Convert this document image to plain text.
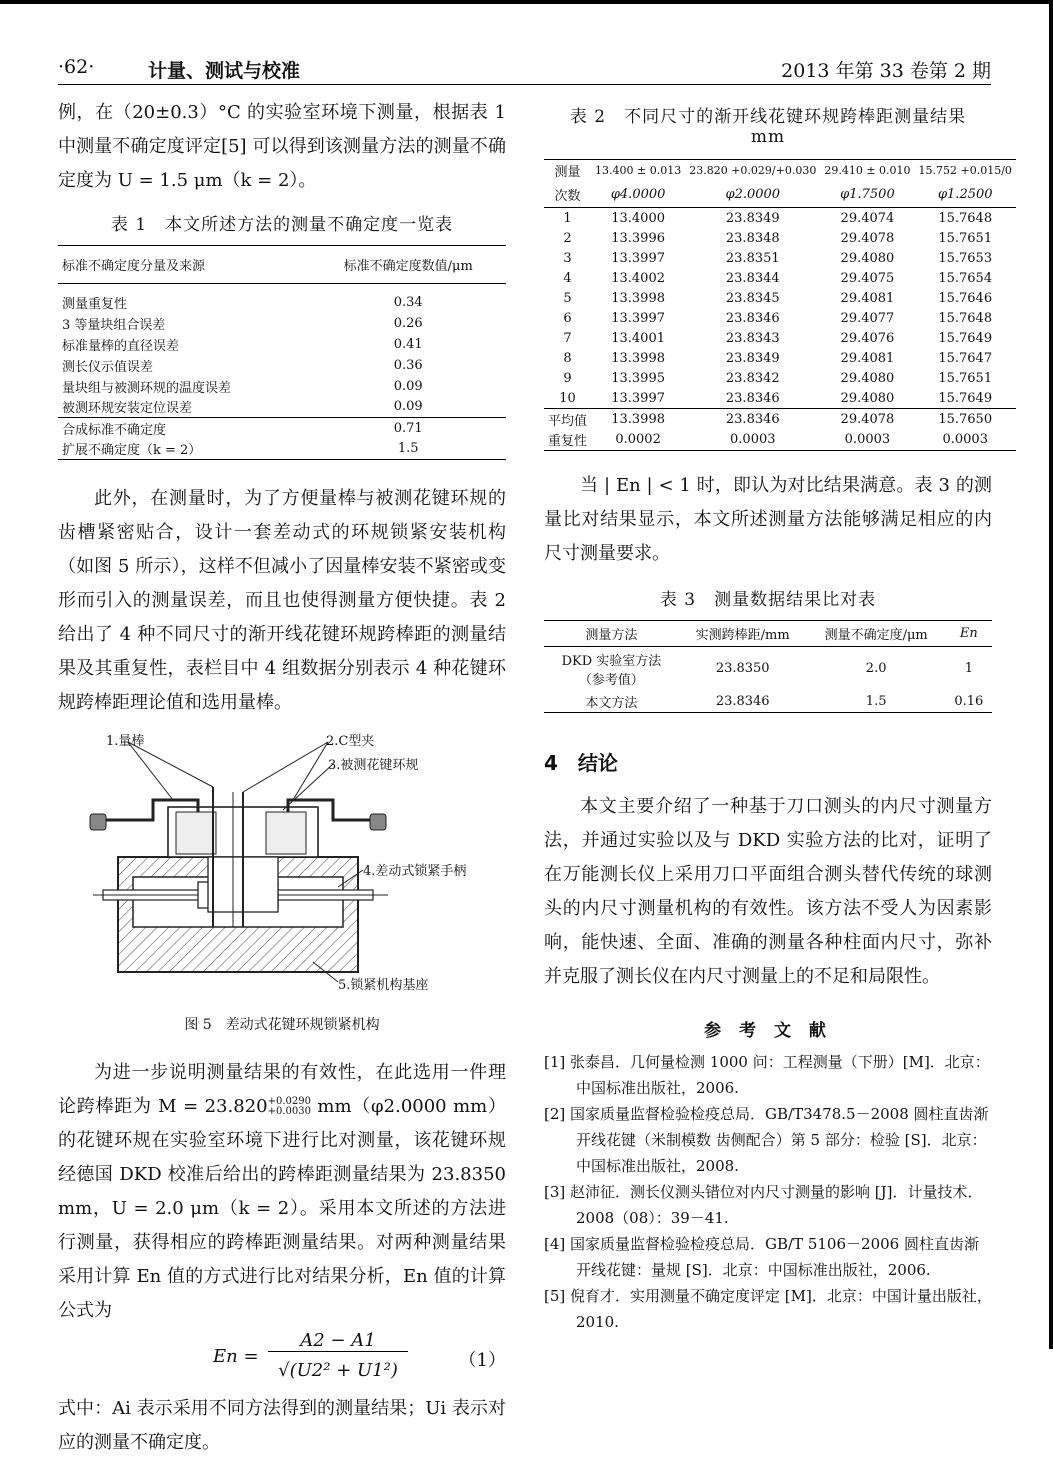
·62·	计量、测试与校准	2013 年第 33 卷第 2 期

例，在（20±0.3）°C 的实验室环境下测量，根据表 1 中测量不确定度评定[5] 可以得到该测量方法的测量不确定度为 U = 1.5 μm（k = 2）。

表 1　本文所述方法的测量不确定度一览表

标准不确定度分量及来源	标准不确定度数值/μm

测量重复性	0.34
3 等量块组合误差	0.26
标准量棒的直径误差	0.41
测长仪示值误差	0.36
量块组与被测环规的温度误差	0.09
被测环规安装定位误差	0.09
合成标准不确定度	0.71
扩展不确定度（k = 2）	1.5

此外，在测量时，为了方便量棒与被测花键环规的齿槽紧密贴合，设计一套差动式的环规锁紧安装机构（如图 5 所示），这样不但减小了因量棒安装不紧密或变形而引入的测量误差，而且也使得测量方便快捷。表 2 给出了 4 种不同尺寸的渐开线花键环规跨棒距的测量结果及其重复性，表栏目中 4 组数据分别表示 4 种花键环规跨棒距理论值和选用量棒。

1.量棒	2.C型夹
3.被测花键环规
4.差动式锁紧手柄
5.锁紧机构基座

图 5　差动式花键环规锁紧机构

为进一步说明测量结果的有效性，在此选用一件理论跨棒距为 M = 23.820 +0.0290
+0.0030 mm（φ2.0000 mm）的花键环规在实验室环境下进行比对测量，该花键环规经德国 DKD 校准后给出的跨棒距测量结果为 23.8350 mm，U = 2.0 μm（k = 2）。采用本文所述的方法进行测量，获得相应的跨棒距测量结果。对两种测量结果采用计算 En 值的方式进行比对结果分析，En 值的计算公式为

En =
A2 − A1
√(U2² + U1²)	（1）

式中：Ai 表示采用不同方法得到的测量结果；Ui 表示对应的测量不确定度。

表 2　不同尺寸的渐开线花键环规跨棒距测量结果　mm

测量	13.400 ± 0.013	23.820 +0.029/+0.030	29.410 ± 0.010	15.752 +0.015/0
次数	φ4.0000	φ2.0000	φ1.7500	φ1.2500
1	13.4000	23.8349	29.4074	15.7648
2	13.3996	23.8348	29.4078	15.7651
3	13.3997	23.8351	29.4080	15.7653
4	13.4002	23.8344	29.4075	15.7654
5	13.3998	23.8345	29.4081	15.7646
6	13.3997	23.8346	29.4077	15.7648
7	13.4001	23.8343	29.4076	15.7649
8	13.3998	23.8349	29.4081	15.7647
9	13.3995	23.8342	29.4080	15.7651
10	13.3997	23.8346	29.4080	15.7649
平均值	13.3998	23.8346	29.4078	15.7650
重复性	0.0002	0.0003	0.0003	0.0003

当 | En | < 1 时，即认为对比结果满意。表 3 的测量比对结果显示，本文所述测量方法能够满足相应的内尺寸测量要求。

表 3　测量数据结果比对表

测量方法	实测跨棒距/mm	测量不确定度/μm	En

DKD 实验室方法
（参考值）	23.8350	2.0	1
本文方法	23.8346	1.5	0.16

4　结论

本文主要介绍了一种基于刀口测头的内尺寸测量方法，并通过实验以及与 DKD 实验方法的比对，证明了在万能测长仪上采用刀口平面组合测头替代传统的球测头的内尺寸测量机构的有效性。该方法不受人为因素影响，能快速、全面、准确的测量各种柱面内尺寸，弥补并克服了测长仪在内尺寸测量上的不足和局限性。

参 考 文 献

[1] 张泰昌．几何量检测 1000 问：工程测量（下册）[M]．北京：中国标准出版社，2006.

[2] 国家质量监督检验检疫总局．GB/T3478.5－2008 圆柱直齿渐开线花键（米制模数 齿侧配合）第 5 部分：检验 [S]．北京：中国标准出版社，2008.

[3] 赵沛征．测长仪测头错位对内尺寸测量的影响 [J]．计量技术．2008（08）：39－41.

[4] 国家质量监督检验检疫总局．GB/T 5106－2006 圆柱直齿渐开线花键：量规 [S]．北京：中国标准出版社，2006.

[5] 倪育才．实用测量不确定度评定 [M]．北京：中国计量出版社，2010.
